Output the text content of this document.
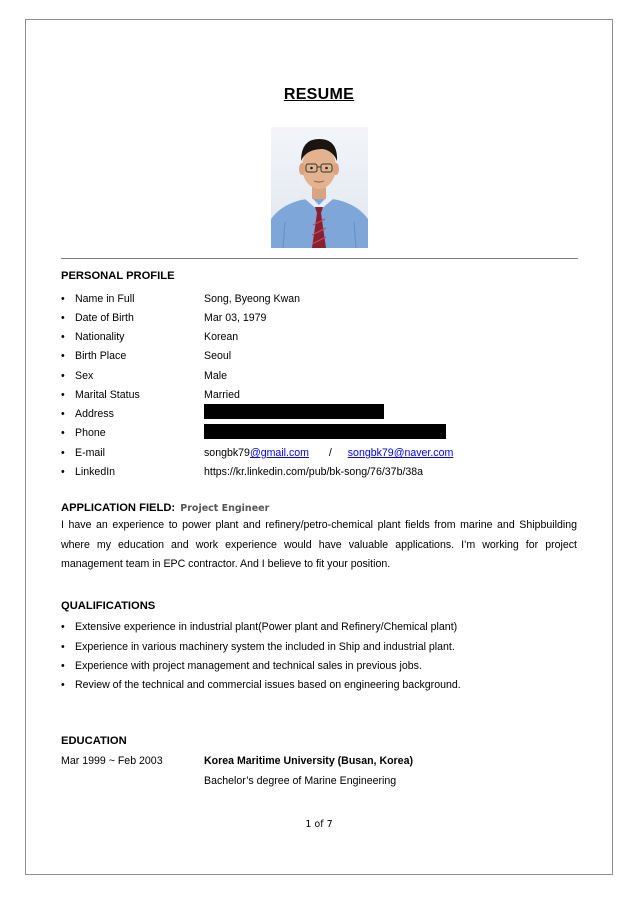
RESUME
PERSONAL PROFILE
• Name in Full	Song, Byeong Kwan
• Date of Birth	Mar 03, 1979
• Nationality	Korean
• Birth Place	Seoul
• Sex	Male
• Marital Status	Married
• Address
• Phone
• E-mail	songbk79@gmail.com / songbk79@naver.com
• LinkedIn	https://kr.linkedin.com/pub/bk-song/76/37b/38a
APPLICATION FIELD: Project Engineer
I have an experience to power plant and refinery/petro-chemical plant fields from marine and Shipbuilding where my education and work experience would have valuable applications. I’m working for project management team in EPC contractor. And I believe to fit your position.
QUALIFICATIONS
• Extensive experience in industrial plant(Power plant and Refinery/Chemical plant)
• Experience in various machinery system the included in Ship and industrial plant.
• Experience with project management and technical sales in previous jobs.
• Review of the technical and commercial issues based on engineering background.
EDUCATION
Mar 1999 ~ Feb 2003	Korea Maritime University (Busan, Korea)
Bachelor’s degree of Marine Engineering
1 of 7
